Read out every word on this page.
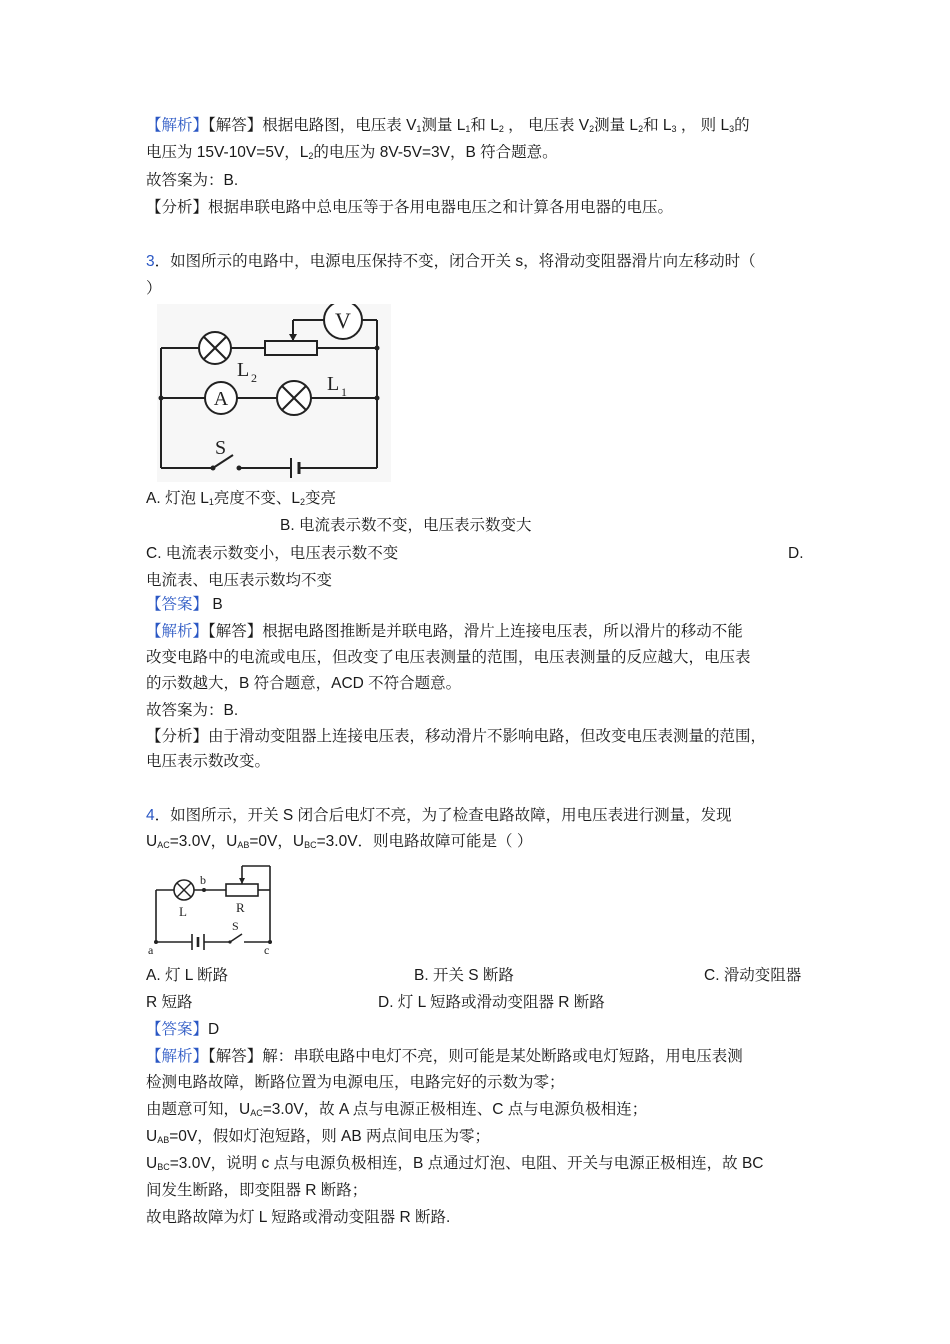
【解析】【解答】根据电路图，电压表 $V_1$测量 $L_1$和 $L_2$ ， 电压表 $V_2$测量 $L_2$和 $L_3$ ， 则 $L_3$的
电压为 15V-10V=5V，$L_2$的电压为 8V-5V=3V，B 符合题意。
故答案为：B.
【分析】根据串联电路中总电压等于各用电器电压之和计算各用电器的电压。
3．如图所示的电路中，电源电压保持不变，闭合开关 s，将滑动变阻器滑片向左移动时（
）
A
V
L 2	L 1
S
A. 灯泡 $L_1$亮度不变、$L_2$变亮
B. 电流表示数不变，电压表示数变大
C. 电流表示数变小，电压表示数不变	D.
电流表、电压表示数均不变
【答案】 B
【解析】【解答】根据电路图推断是并联电路，滑片上连接电压表，所以滑片的移动不能
改变电路中的电流或电压，但改变了电压表测量的范围，电压表测量的反应越大，电压表
的示数越大，B 符合题意，ACD 不符合题意。
故答案为：B.
【分析】由于滑动变阻器上连接电压表，移动滑片不影响电路，但改变电压表测量的范围，
电压表示数改变。
4．如图所示，开关 S 闭合后电灯不亮，为了检查电路故障，用电压表进行测量，发现
$U_{AC}=3.0V$，$U_{AB}=0V$，$U_{BC}=3.0V$．则电路故障可能是（ ）
b
L	R
S
a	c
A. 灯 L 断路	B. 开关 S 断路	C. 滑动变阻器
R 短路	D. 灯 L 短路或滑动变阻器 R 断路
【答案】D
【解析】【解答】解：串联电路中电灯不亮，则可能是某处断路或电灯短路，用电压表测
检测电路故障，断路位置为电源电压，电路完好的示数为零；
由题意可知，$U_{AC}=3.0V$，故 A 点与电源正极相连、C 点与电源负极相连；
$U_{AB}=0V$，假如灯泡短路，则 AB 两点间电压为零；
$U_{BC}=3.0V$，说明 c 点与电源负极相连，B 点通过灯泡、电阻、开关与电源正极相连，故 BC
间发生断路，即变阻器 R 断路；
故电路故障为灯 L 短路或滑动变阻器 R 断路.
